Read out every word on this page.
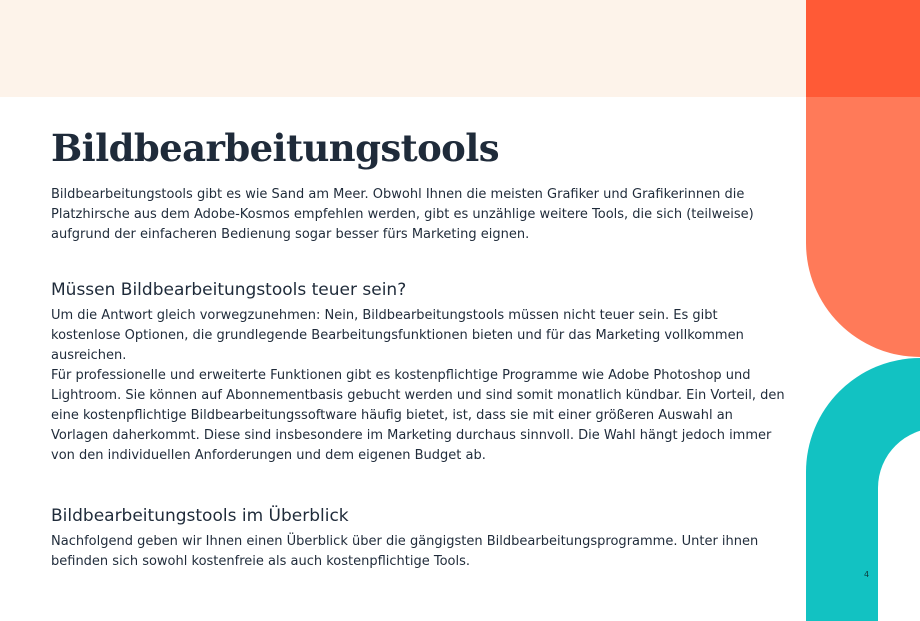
4
Bildbearbeitungstools

Bildbearbeitungstools gibt es wie Sand am Meer. Obwohl Ihnen die meisten Grafiker und Grafikerinnen die Platzhirsche aus dem Adobe-Kosmos empfehlen werden, gibt es unzählige weitere Tools, die sich (teilweise) aufgrund der einfacheren Bedienung sogar besser fürs Marketing eignen.

Müssen Bildbearbeitungstools teuer sein?

Um die Antwort gleich vorwegzunehmen: Nein, Bildbearbeitungstools müssen nicht teuer sein. Es gibt kostenlose Optionen, die grundlegende Bearbeitungsfunktionen bieten und für das Marketing vollkommen ausreichen.

Für professionelle und erweiterte Funktionen gibt es kostenpflichtige Programme wie Adobe Photoshop und Lightroom. Sie können auf Abonnementbasis gebucht werden und sind somit monatlich kündbar. Ein Vorteil, den eine kostenpflichtige Bildbearbeitungssoftware häufig bietet, ist, dass sie mit einer größeren Auswahl an Vorlagen daherkommt. Diese sind insbesondere im Marketing durchaus sinnvoll. Die Wahl hängt jedoch immer von den individuellen Anforderungen und dem eigenen Budget ab.

Bildbearbeitungstools im Überblick

Nachfolgend geben wir Ihnen einen Überblick über die gängigsten Bildbearbeitungsprogramme. Unter ihnen befinden sich sowohl kostenfreie als auch kostenpflichtige Tools.
